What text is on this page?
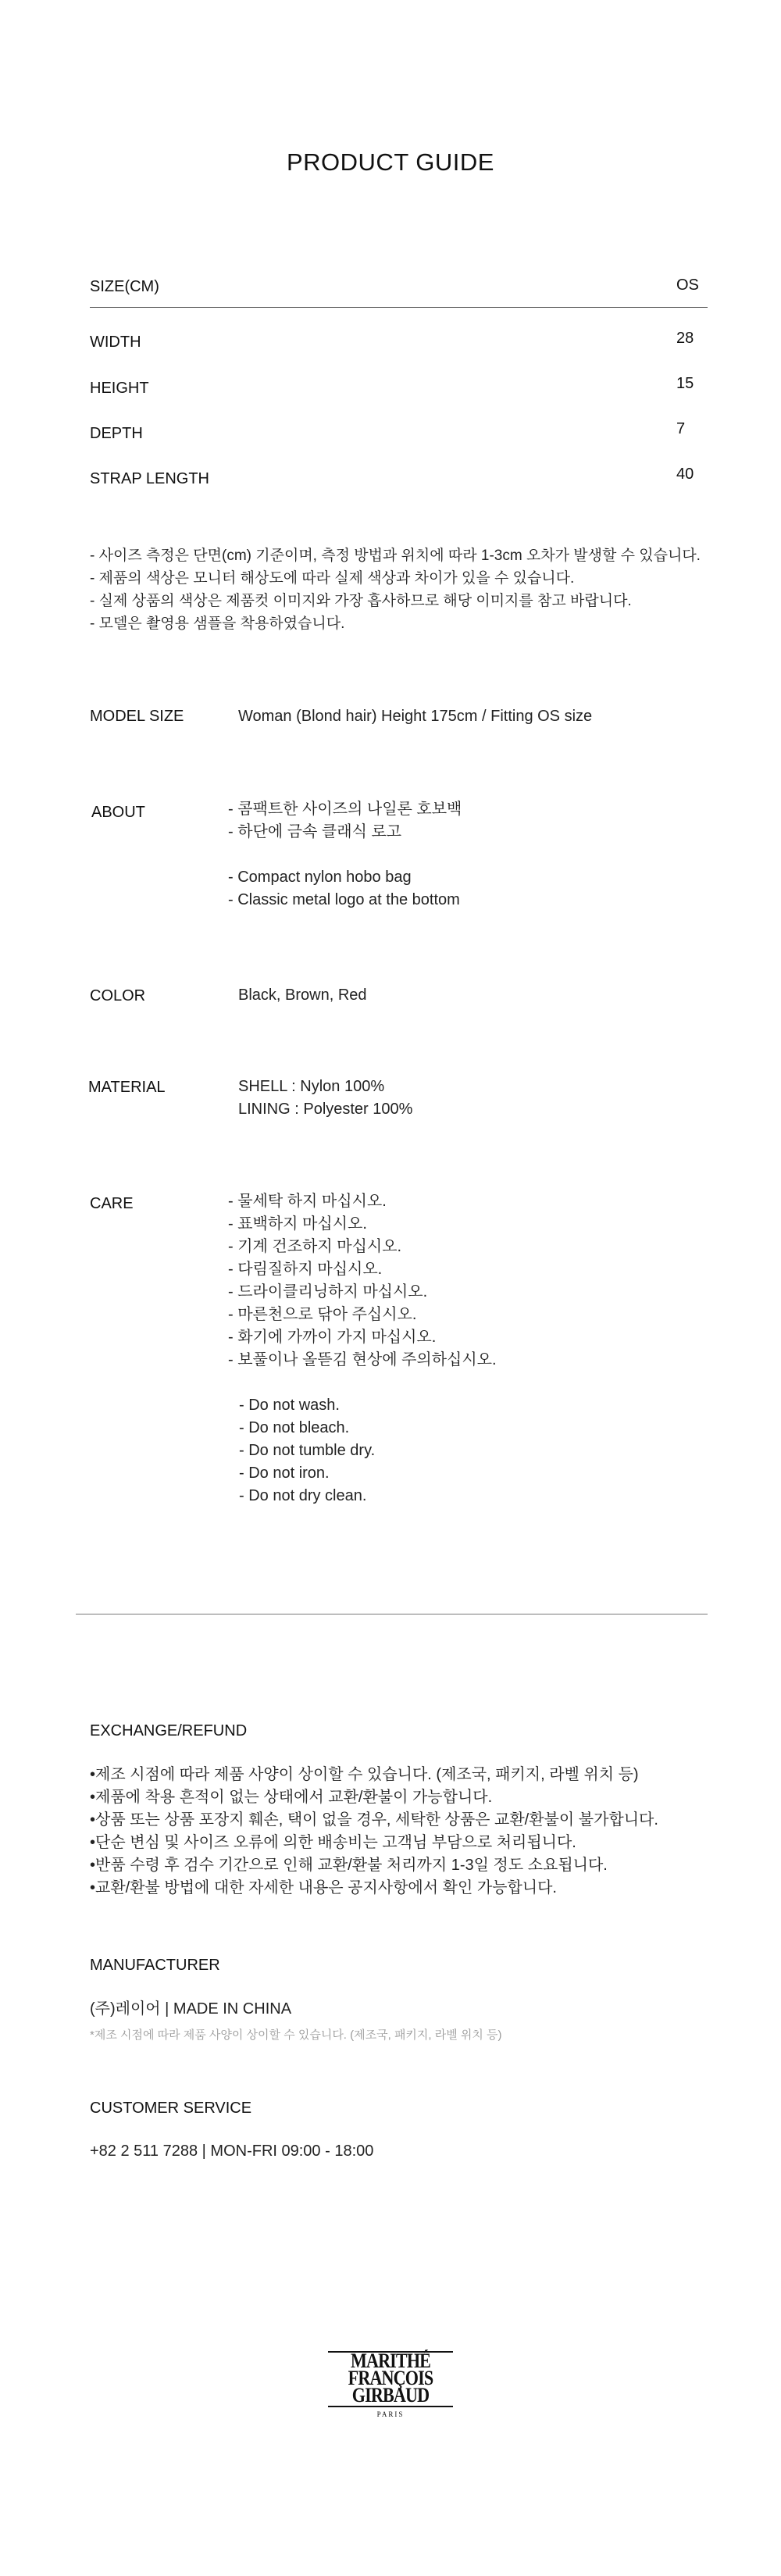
PRODUCT GUIDE
SIZE(CM)	OS
WIDTH	28
HEIGHT	15
DEPTH	7
STRAP LENGTH	40
- 사이즈 측정은 단면(cm) 기준이며, 측정 방법과 위치에 따라 1-3cm 오차가 발생할 수 있습니다.
- 제품의 색상은 모니터 해상도에 따라 실제 색상과 차이가 있을 수 있습니다.
- 실제 상품의 색상은 제품컷 이미지와 가장 흡사하므로 해당 이미지를 참고 바랍니다.
- 모델은 촬영용 샘플을 착용하였습니다.
MODEL SIZE	Woman (Blond hair) Height 175cm / Fitting OS size
ABOUT	- 콤팩트한 사이즈의 나일론 호보백
- 하단에 금속 클래식 로고
- Compact nylon hobo bag
- Classic metal logo at the bottom
COLOR	Black, Brown, Red
MATERIAL	SHELL : Nylon 100%
LINING : Polyester 100%
CARE	- 물세탁 하지 마십시오.
- 표백하지 마십시오.
- 기계 건조하지 마십시오.
- 다림질하지 마십시오.
- 드라이클리닝하지 마십시오.
- 마른천으로 닦아 주십시오.
- 화기에 가까이 가지 마십시오.
- 보풀이나 올뜯김 현상에 주의하십시오.
- Do not wash.
- Do not bleach.
- Do not tumble dry.
- Do not iron.
- Do not dry clean.
EXCHANGE/REFUND
•제조 시점에 따라 제품 사양이 상이할 수 있습니다. (제조국, 패키지, 라벨 위치 등)
•제품에 착용 흔적이 없는 상태에서 교환/환불이 가능합니다.
•상품 또는 상품 포장지 훼손, 택이 없을 경우, 세탁한 상품은 교환/환불이 불가합니다.
•단순 변심 및 사이즈 오류에 의한 배송비는 고객님 부담으로 처리됩니다.
•반품 수령 후 검수 기간으로 인해 교환/환불 처리까지 1-3일 정도 소요됩니다.
•교환/환불 방법에 대한 자세한 내용은 공지사항에서 확인 가능합니다.
MANUFACTURER
(주)레이어 | MADE IN CHINA
*제조 시점에 따라 제품 사양이 상이할 수 있습니다. (제조국, 패키지, 라벨 위치 등)
CUSTOMER SERVICE
+82 2 511 7288 | MON-FRI 09:00 - 18:00
MARITHÉ
FRANÇOIS
GIRBAUD
PARIS
